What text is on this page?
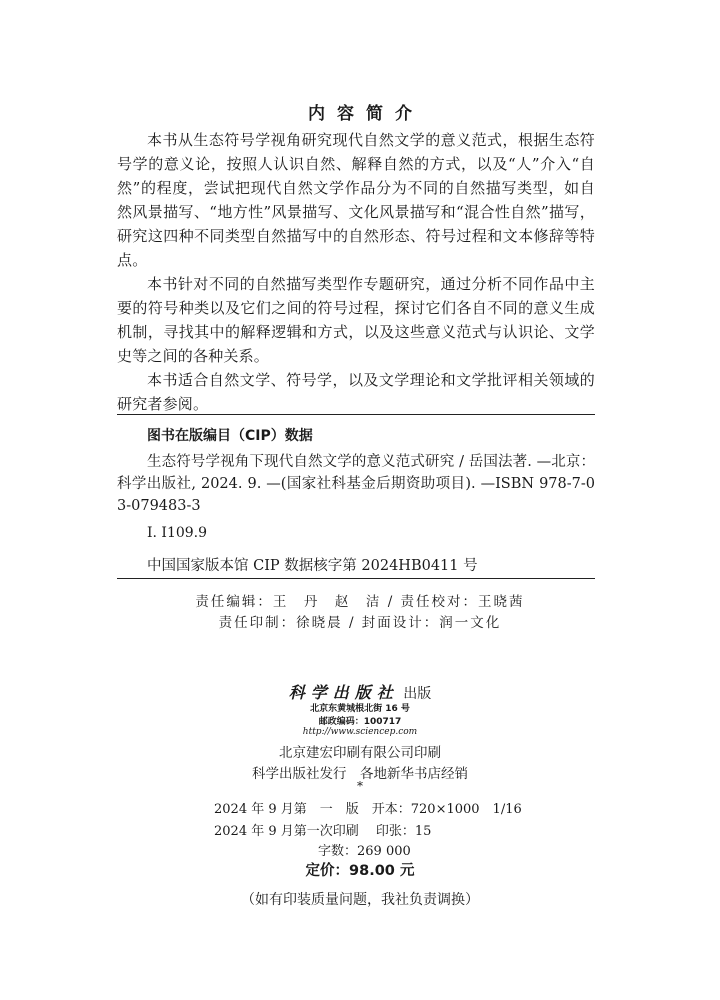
内容简介

本书从生态符号学视角研究现代自然文学的意义范式，根据生态符号学的意义论，按照人认识自然、解释自然的方式，以及“人”介入“自然”的程度，尝试把现代自然文学作品分为不同的自然描写类型，如自然风景描写、“地方性”风景描写、文化风景描写和“混合性自然”描写，研究这四种不同类型自然描写中的自然形态、符号过程和文本修辞等特点。

本书针对不同的自然描写类型作专题研究，通过分析不同作品中主要的符号种类以及它们之间的符号过程，探讨它们各自不同的意义生成机制，寻找其中的解释逻辑和方式，以及这些意义范式与认识论、文学史等之间的各种关系。

本书适合自然文学、符号学，以及文学理论和文学批评相关领域的研究者参阅。

图书在版编目（CIP）数据

生态符号学视角下现代自然文学的意义范式研究 / 岳国法著. —北京：科学出版社, 2024. 9. —(国家社科基金后期资助项目). —ISBN 978-7-03-079483-3

Ⅰ. I109.9
中国国家版本馆 CIP 数据核字第 2024HB0411 号
责任编辑：王　丹　赵　洁 / 责任校对：王晓茜
责任印制：徐晓晨 / 封面设计：润一文化
科学出版社 出版
北京东黄城根北街 16 号
邮政编码：100717
http://www.sciencep.com
北京建宏印刷有限公司印刷
科学出版社发行　各地新华书店经销
*
2024 年 9 月第　一　版　开本：720×1000　1/16
2024 年 9 月第一次印刷　 印张：15
字数：269 000
定价：98.00 元
（如有印装质量问题，我社负责调换）
